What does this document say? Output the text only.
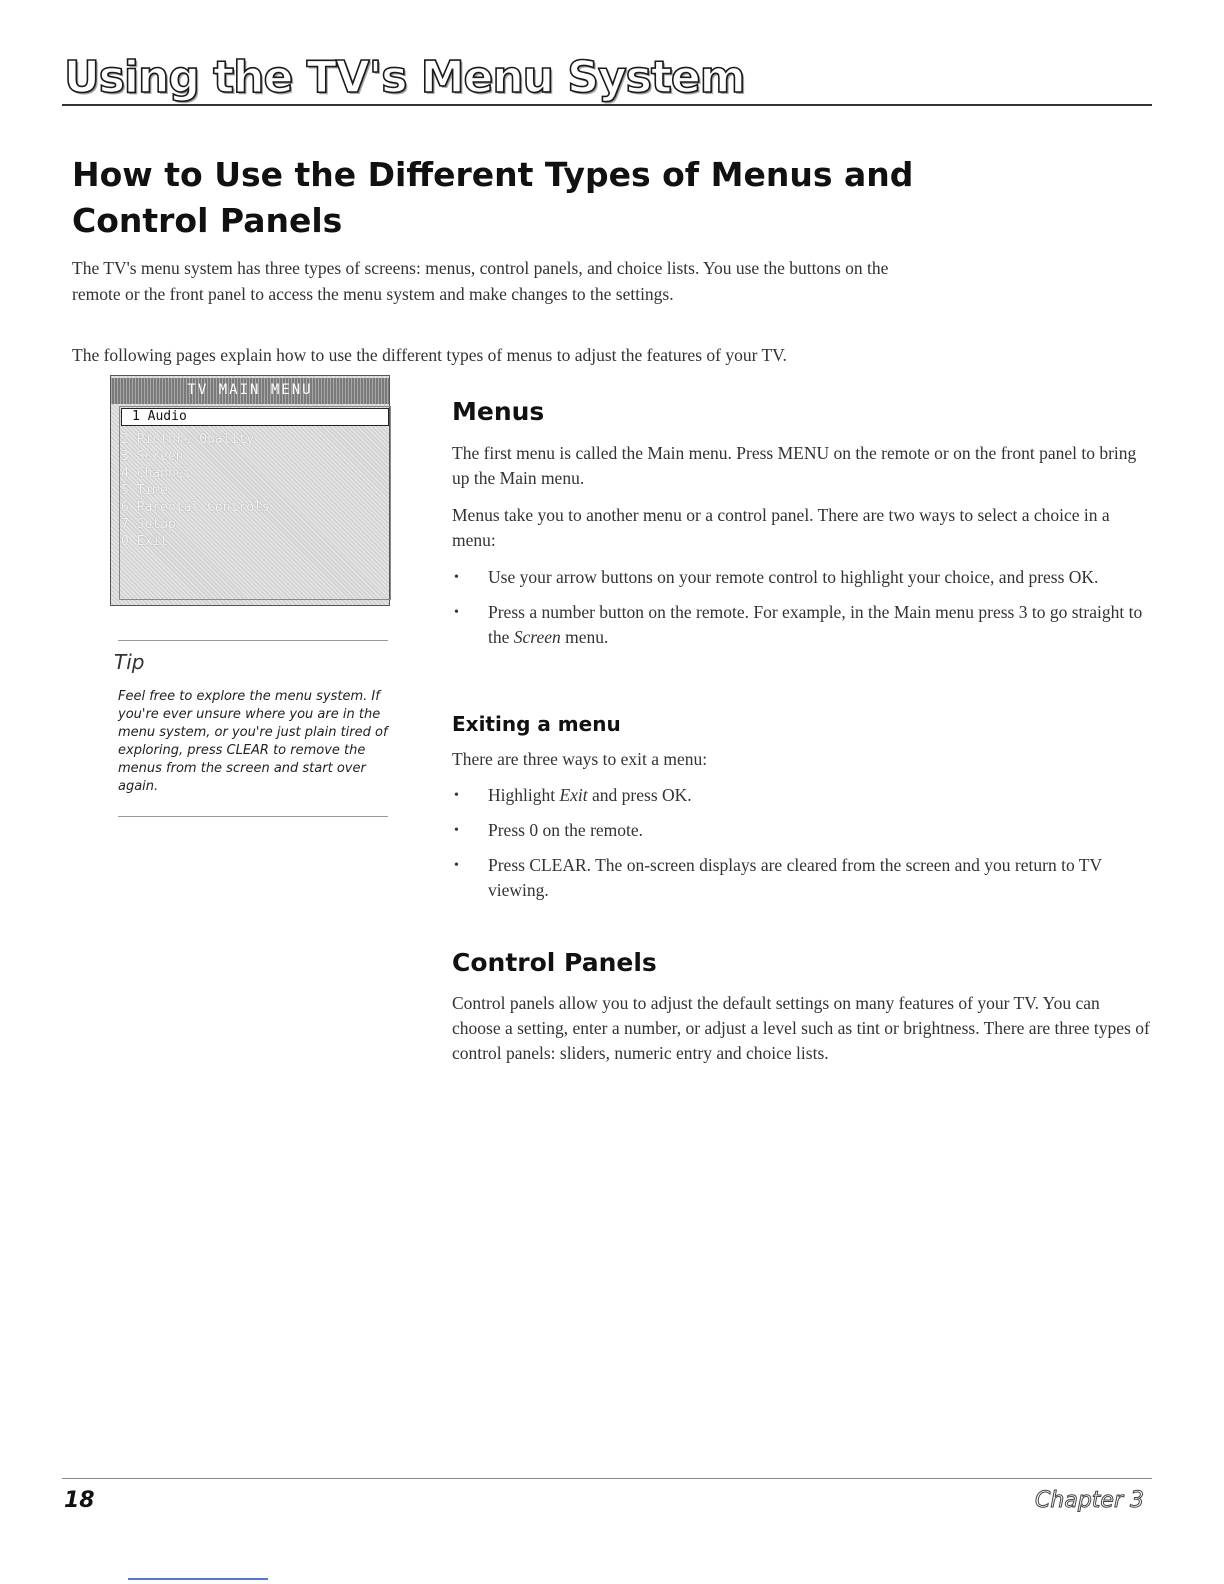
Using the TV's Menu System
How to Use the Different Types of Menus and Control Panels

The TV's menu system has three types of screens: menus, control panels, and choice lists. You use the buttons on the remote or the front panel to access the menu system and make changes to the settings.

The following pages explain how to use the different types of menus to adjust the features of your TV.

TV MAIN MENU
1 Audio
2 Picture Quality
3 Screen
4 Channel
5 Time
6 Parental Controls
7 Setup
0 Exit
Tip

Feel free to explore the menu system. If you're ever unsure where you are in the menu system, or you're just plain tired of exploring, press CLEAR to remove the menus from the screen and start over again.

Menus

The first menu is called the Main menu. Press MENU on the remote or on the front panel to bring up the Main menu.

Menus take you to another menu or a control panel. There are two ways to select a choice in a menu:

• Use your arrow buttons on your remote control to highlight your choice, and press OK.
• Press a number button on the remote. For example, in the Main menu press 3 to go straight to the Screen menu.
Exiting a menu

There are three ways to exit a menu:

• Highlight Exit and press OK.
• Press 0 on the remote.
• Press CLEAR. The on-screen displays are cleared from the screen and you return to TV viewing.
Control Panels

Control panels allow you to adjust the default settings on many features of your TV. You can choose a setting, enter a number, or adjust a level such as tint or brightness. There are three types of control panels: sliders, numeric entry and choice lists.

18	Chapter 3
